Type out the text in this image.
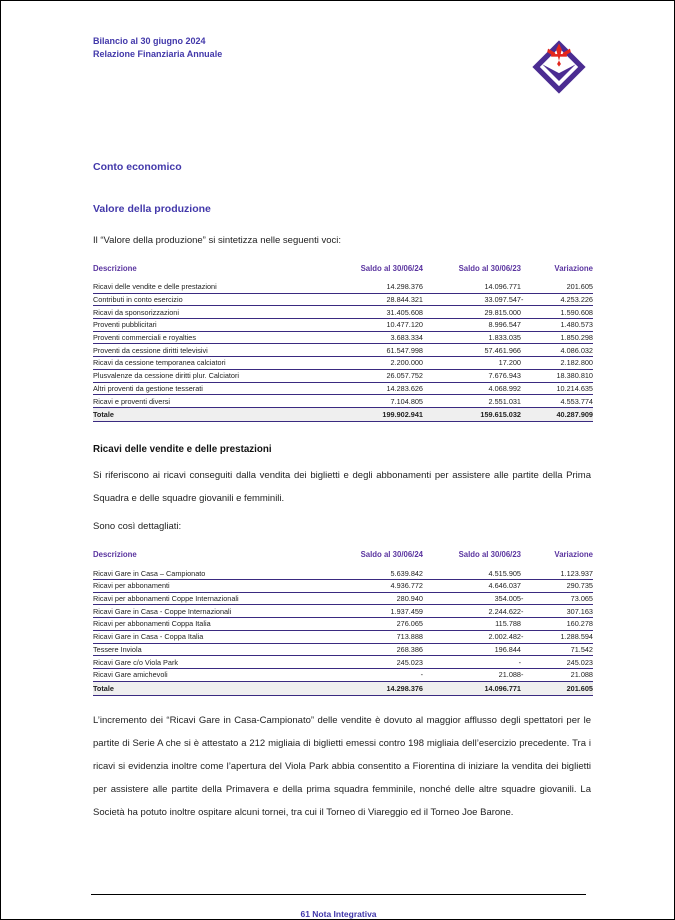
Bilancio al 30 giugno 2024
Relazione Finanziaria Annuale
Conto economico
Valore della produzione
Il “Valore della produzione” si sintetizza nelle seguenti voci:
Descrizione	Saldo al 30/06/24	Saldo al 30/06/23	Variazione
Ricavi delle vendite e delle prestazioni	14.298.376	14.096.771	201.605
Contributi in conto esercizio	28.844.321	33.097.547 -	4.253.226
Ricavi da sponsorizzazioni	31.405.608	29.815.000	1.590.608
Proventi pubblicitari	10.477.120	8.996.547	1.480.573
Proventi commerciali e royalties	3.683.334	1.833.035	1.850.298
Proventi da cessione diritti televisivi	61.547.998	57.461.966	4.086.032
Ricavi da cessione temporanea calciatori	2.200.000	17.200	2.182.800
Plusvalenze da cessione diritti plur. Calciatori	26.057.752	7.676.943	18.380.810
Altri proventi da gestione tesserati	14.283.626	4.068.992	10.214.635
Ricavi e proventi diversi	7.104.805	2.551.031	4.553.774
Totale	199.902.941	159.615.032	40.287.909
Ricavi delle vendite e delle prestazioni
Si riferiscono ai ricavi conseguiti dalla vendita dei biglietti e degli abbonamenti per assistere alle partite della Prima Squadra e delle squadre giovanili e femminili.
Sono così dettagliati:
Descrizione	Saldo al 30/06/24	Saldo al 30/06/23	Variazione
Ricavi Gare in Casa – Campionato	5.639.842	4.515.905	1.123.937
Ricavi per abbonamenti	4.936.772	4.646.037	290.735
Ricavi per abbonamenti Coppe Internazionali	280.940	354.005 -	73.065
Ricavi Gare in Casa - Coppe Internazionali	1.937.459	2.244.622 -	307.163
Ricavi per abbonamenti Coppa Italia	276.065	115.788	160.278
Ricavi Gare in Casa - Coppa Italia	713.888	2.002.482 -	1.288.594
Tessere Inviola	268.386	196.844	71.542
Ricavi Gare c/o Viola Park	245.023	-	245.023
Ricavi Gare amichevoli	-	21.088 -	21.088
Totale	14.298.376	14.096.771	201.605
L’incremento dei “Ricavi Gare in Casa-Campionato” delle vendite è dovuto al maggior afflusso degli spettatori per le partite di Serie A che si è attestato a 212 migliaia di biglietti emessi contro 198 migliaia dell’esercizio precedente. Tra i ricavi si evidenzia inoltre come l’apertura del Viola Park abbia consentito a Fiorentina di iniziare la vendita dei biglietti per assistere alle partite della Primavera e della prima squadra femminile, nonché delle altre squadre giovanili. La Società ha potuto inoltre ospitare alcuni tornei, tra cui il Torneo di Viareggio ed il Torneo Joe Barone.
61 Nota Integrativa
